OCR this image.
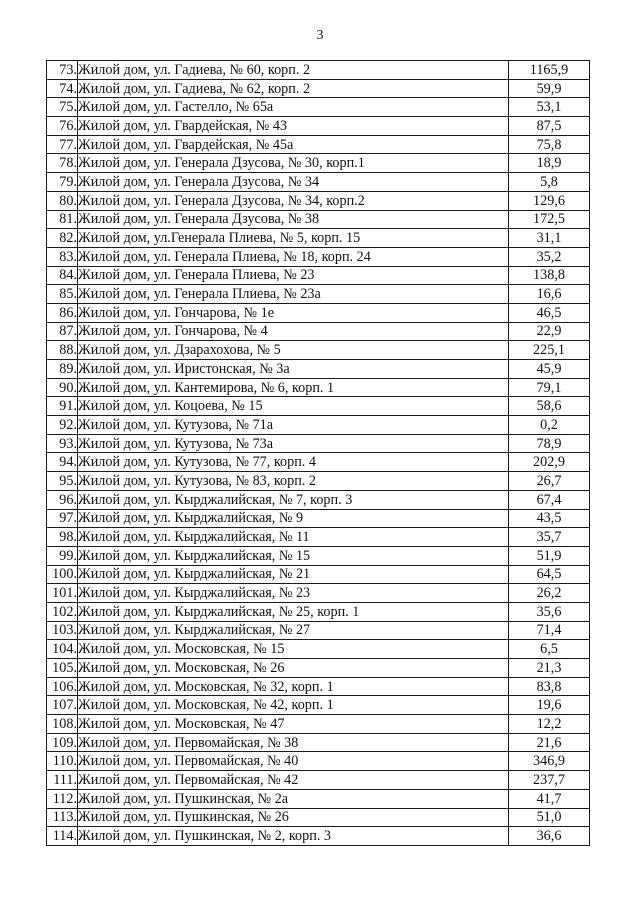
3
73.	Жилой дом, ул. Гадиева, № 60, корп. 2	1165,9
74.	Жилой дом, ул. Гадиева, № 62, корп. 2	59,9
75.	Жилой дом, ул. Гастелло, № 65а	53,1
76.	Жилой дом, ул. Гвардейская, № 43	87,5
77.	Жилой дом, ул. Гвардейская, № 45а	75,8
78.	Жилой дом, ул. Генерала Дзусова, № 30, корп.1	18,9
79.	Жилой дом, ул. Генерала Дзусова, № 34	5,8
80.	Жилой дом, ул. Генерала Дзусова, № 34, корп.2	129,6
81.	Жилой дом, ул. Генерала Дзусова, № 38	172,5
82.	Жилой дом, ул.Генерала Плиева, № 5, корп. 15	31,1
83.	Жилой дом, ул. Генерала Плиева, № 18, корп. 24	35,2
84.	Жилой дом, ул. Генерала Плиева, № 23	138,8
85.	Жилой дом, ул. Генерала Плиева, № 23а	16,6
86.	Жилой дом, ул. Гончарова, № 1е	46,5
87.	Жилой дом, ул. Гончарова, № 4	22,9
88.	Жилой дом, ул. Дзарахохова, № 5	225,1
89.	Жилой дом, ул. Иристонская, № 3а	45,9
90.	Жилой дом, ул. Кантемирова, № 6, корп. 1	79,1
91.	Жилой дом, ул. Коцоева, № 15	58,6
92.	Жилой дом, ул. Кутузова, № 71а	0,2
93.	Жилой дом, ул. Кутузова, № 73а	78,9
94.	Жилой дом, ул. Кутузова, № 77, корп. 4	202,9
95.	Жилой дом, ул. Кутузова, № 83, корп. 2	26,7
96.	Жилой дом, ул. Кырджалийская, № 7, корп. 3	67,4
97.	Жилой дом, ул. Кырджалийская, № 9	43,5
98.	Жилой дом, ул. Кырджалийская, № 11	35,7
99.	Жилой дом, ул. Кырджалийская, № 15	51,9
100.	Жилой дом, ул. Кырджалийская, № 21	64,5
101.	Жилой дом, ул. Кырджалийская, № 23	26,2
102.	Жилой дом, ул. Кырджалийская, № 25, корп. 1	35,6
103.	Жилой дом, ул. Кырджалийская, № 27	71,4
104.	Жилой дом, ул. Московская, № 15	6,5
105.	Жилой дом, ул. Московская, № 26	21,3
106.	Жилой дом, ул. Московская, № 32, корп. 1	83,8
107.	Жилой дом, ул. Московская, № 42, корп. 1	19,6
108.	Жилой дом, ул. Московская, № 47	12,2
109.	Жилой дом, ул. Первомайская, № 38	21,6
110.	Жилой дом, ул. Первомайская, № 40	346,9
111.	Жилой дом, ул. Первомайская, № 42	237,7
112.	Жилой дом, ул. Пушкинская, № 2а	41,7
113.	Жилой дом, ул. Пушкинская, № 26	51,0
114.	Жилой дом, ул. Пушкинская, № 2, корп. 3	36,6
